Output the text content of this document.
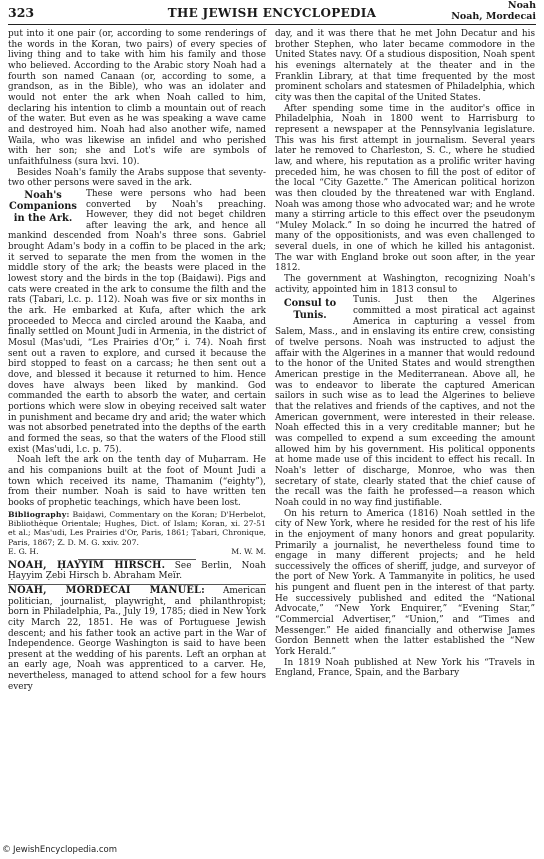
323	THE JEWISH ENCYCLOPEDIA
Noah
Noah, Mordecai

put into it one pair (or, according to some renderings of the words in the Koran, two pairs) of every species of living thing and to take with him his family and those who believed. According to the Arabic story Noah had a fourth son named Canaan (or, according to some, a grandson, as in the Bible), who was an idolater and would not enter the ark when Noah called to him, declaring his intention to climb a mountain out of reach of the water. But even as he was speaking a wave came and destroyed him. Noah had also another wife, named Waila, who was likewise an infidel and who perished with her son; she and Lot's wife are symbols of unfaithfulness (sura lxvi. 10).

Besides Noah's family the Arabs suppose that seventy-two other persons were saved in the ark.

Noah's
Companions in the Ark.

These were persons who had been converted by Noah's preaching. However, they did not beget children after leaving the ark, and hence all mankind descended from Noah's three sons. Gabriel brought Adam's body in a coffin to be placed in the ark; it served to separate the men from the women in the middle story of the ark; the beasts were placed in the lowest story and the birds in the top (Baiḍawi). Pigs and cats were created in the ark to consume the filth and the rats (Ṭabari, l.c. p. 112). Noah was five or six months in the ark. He embarked at Kufa, after which the ark proceeded to Mecca and circled around the Kaaba, and finally settled on Mount Judi in Armenia, in the district of Mosul (Mas'udi, “Les Prairies d'Or,” i. 74). Noah first sent out a raven to explore, and cursed it because the bird stopped to feast on a carcass; he then sent out a dove, and blessed it because it returned to him. Hence doves have always been liked by mankind. God commanded the earth to absorb the water, and certain portions which were slow in obeying received salt water in punishment and became dry and arid; the water which was not absorbed penetrated into the depths of the earth and formed the seas, so that the waters of the Flood still exist (Mas'udi, l.c. p. 75).

Noah left the ark on the tenth day of Muḥarram. He and his companions built at the foot of Mount Judi a town which received its name, Thamanim (“eighty”), from their number. Noah is said to have written ten books of prophetic teachings, which have been lost.

Bibliography: Baiḍawi, Commentary on the Koran; D'Herbelot, Bibliothèque Orientale; Hughes, Dict. of Islam; Koran, xi. 27-51 et al.; Mas'udi, Les Prairies d'Or, Paris, 1861; Ṭabari, Chronique, Paris, 1867; Z. D. M. G. xxiv. 207.
E. G. H.	M. W. M.

NOAH, ḤAYYIM HIRSCH. See Berlin, Noah Ḥayyim Ẓebi Hirsch b. Abraham Meïr.

NOAH, MORDECAI MANUEL: American politician, journalist, playwright, and philanthropist; born in Philadelphia, Pa., July 19, 1785; died in New York city March 22, 1851. He was of Portuguese Jewish descent; and his father took an active part in the War of Independence. George Washington is said to have been present at the wedding of his parents. Left an orphan at an early age, Noah was apprenticed to a carver. He, nevertheless, managed to attend school for a few hours every

day, and it was there that he met John Decatur and his brother Stephen, who later became commodore in the United States navy. Of a studious disposition, Noah spent his evenings alternately at the theater and in the Franklin Library, at that time frequented by the most prominent scholars and statesmen of Philadelphia, which city was then the capital of the United States.

After spending some time in the auditor's office in Philadelphia, Noah in 1800 went to Harrisburg to represent a newspaper at the Pennsylvania legislature. This was his first attempt in journalism. Several years later he removed to Charleston, S. C., where he studied law, and where, his reputation as a prolific writer having preceded him, he was chosen to fill the post of editor of the local “City Gazette.” The American political horizon was then clouded by the threatened war with England. Noah was among those who advocated war; and he wrote many a stirring article to this effect over the pseudonym “Muley Molack.” In so doing he incurred the hatred of many of the oppositionists, and was even challenged to several duels, in one of which he killed his antagonist. The war with England broke out soon after, in the year 1812.

The government at Washington, recognizing Noah's activity, appointed him in 1813 consul to

Consul to
Tunis.

Tunis. Just then the Algerines committed a most piratical act against America in capturing a vessel from Salem, Mass., and in enslaving its entire crew, consisting of twelve persons. Noah was instructed to adjust the affair with the Algerines in a manner that would redound to the honor of the United States and would strengthen American prestige in the Mediterranean. Above all, he was to endeavor to liberate the captured American sailors in such wise as to lead the Algerines to believe that the relatives and friends of the captives, and not the American government, were interested in their release. Noah effected this in a very creditable manner; but he was compelled to expend a sum exceeding the amount allowed him by his government. His political opponents at home made use of this incident to effect his recall. In Noah's letter of discharge, Monroe, who was then secretary of state, clearly stated that the chief cause of the recall was the faith he professed—a reason which Noah could in no way find justifiable.

On his return to America (1816) Noah settled in the city of New York, where he resided for the rest of his life in the enjoyment of many honors and great popularity. Primarily a journalist, he nevertheless found time to engage in many different projects; and he held successively the offices of sheriff, judge, and surveyor of the port of New York. A Tammanyite in politics, he used his pungent and fluent pen in the interest of that party. He successively published and edited the “National Advocate,” “New York Enquirer,” “Evening Star,” “Commercial Advertiser,” “Union,” and “Times and Messenger.” He aided financially and otherwise James Gordon Bennett when the latter established the “New York Herald.”

In 1819 Noah published at New York his “Travels in England, France, Spain, and the Barbary

© JewishEncyclopedia.com
